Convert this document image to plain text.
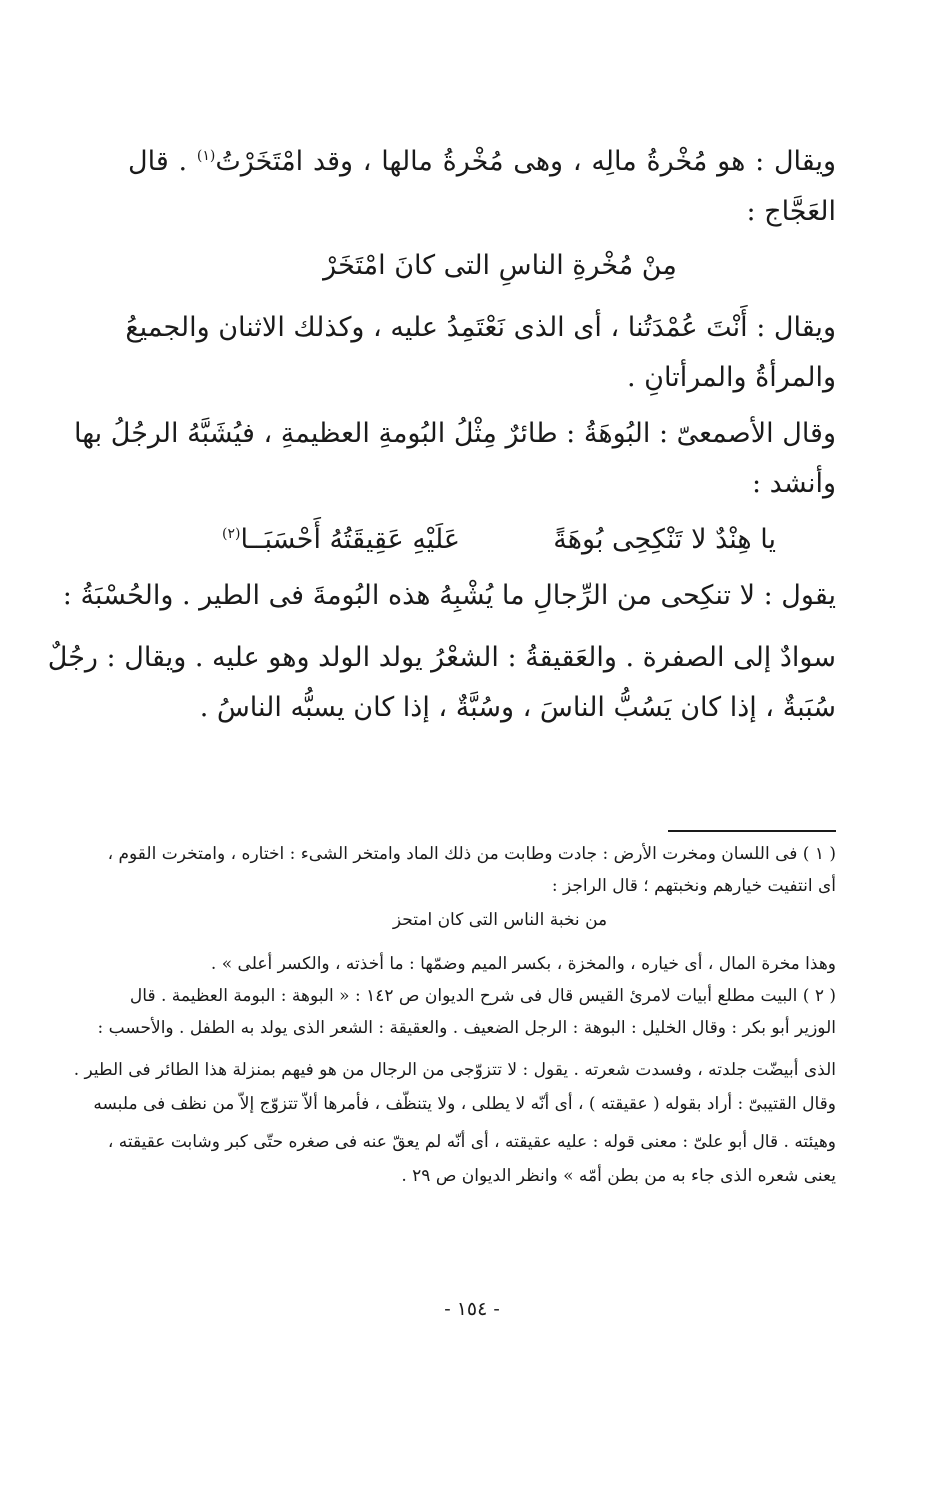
ويقال : هو مُخْرةُ مالِه ، وهى مُخْرةُ مالها ، وقد امْتَخَرْتُ$^{(١)}$ . قال
العَجَّاج :
مِنْ مُخْرةِ الناسِ التى كانَ امْتَخَرْ
ويقال : أَنْتَ عُمْدَتُنا ، أى الذى نَعْتَمِدُ عليه ، وكذلك الاثنان والجميعُ
والمرأةُ والمرأتانِ .
وقال الأصمعىّ : البُوهَةُ : طائرٌ مِثْلُ البُومةِ العظيمةِ ، فيُشَبَّهُ الرجُلُ بها
وأنشد :
يا هِنْدٌ لا تَنْكِحِى بُوهَةً
عَلَيْهِ عَقِيقَتُهُ أَحْسَبَــا$^{(٢)}$
يقول : لا تنكِحى من الرِّجالِ ما يُشْبِهُ هذه البُومةَ فى الطير . والحُسْبَةُ :
سوادٌ إلى الصفرة . والعَقيقةُ : الشعْرُ يولد الولد وهو عليه . ويقال : رجُلٌ
سُبَبةٌ ، إذا كان يَسُبُّ الناسَ ، وسُبَّةٌ ، إذا كان يسبُّه الناسُ .
( ١ ) فى اللسان ومخرت الأرض : جادت وطابت من ذلك الماد وامتخر الشىء : اختاره ، وامتخرت القوم ،
أى انتفيت خيارهم ونخبتهم ؛ قال الراجز :
من نخبة الناس التى كان امتحز
وهذا مخرة المال ، أى خياره ، والمخزة ، بكسر الميم وضمّها : ما أخذته ، والكسر أعلى » .
( ٢ ) البيت مطلع أبيات لامرئ القيس قال فى شرح الديوان ص ١٤٢ : « البوهة : البومة العظيمة . قال
الوزير أبو بكر : وقال الخليل : البوهة : الرجل الضعيف . والعقيقة : الشعر الذى يولد به الطفل . والأحسب :
الذى أبيضّت جلدته ، وفسدت شعرته . يقول : لا تتزوّجى من الرجال من هو فيهم بمنزلة هذا الطائر فى الطير .
وقال القتيبىّ : أراد بقوله ( عقيقته ) ، أى أنّه لا يطلى ، ولا يتنظّف ، فأمرها ألاّ تتزوّج إلاّ من نظف فى ملبسه
وهيئته . قال أبو علىّ : معنى قوله : عليه عقيقته ، أى أنّه لم يعقّ عنه فى صغره حتّى كبر وشابت عقيقته ،
يعنى شعره الذى جاء به من بطن أمّه » وانظر الديوان ص ٢٩ .
- ١٥٤ -
